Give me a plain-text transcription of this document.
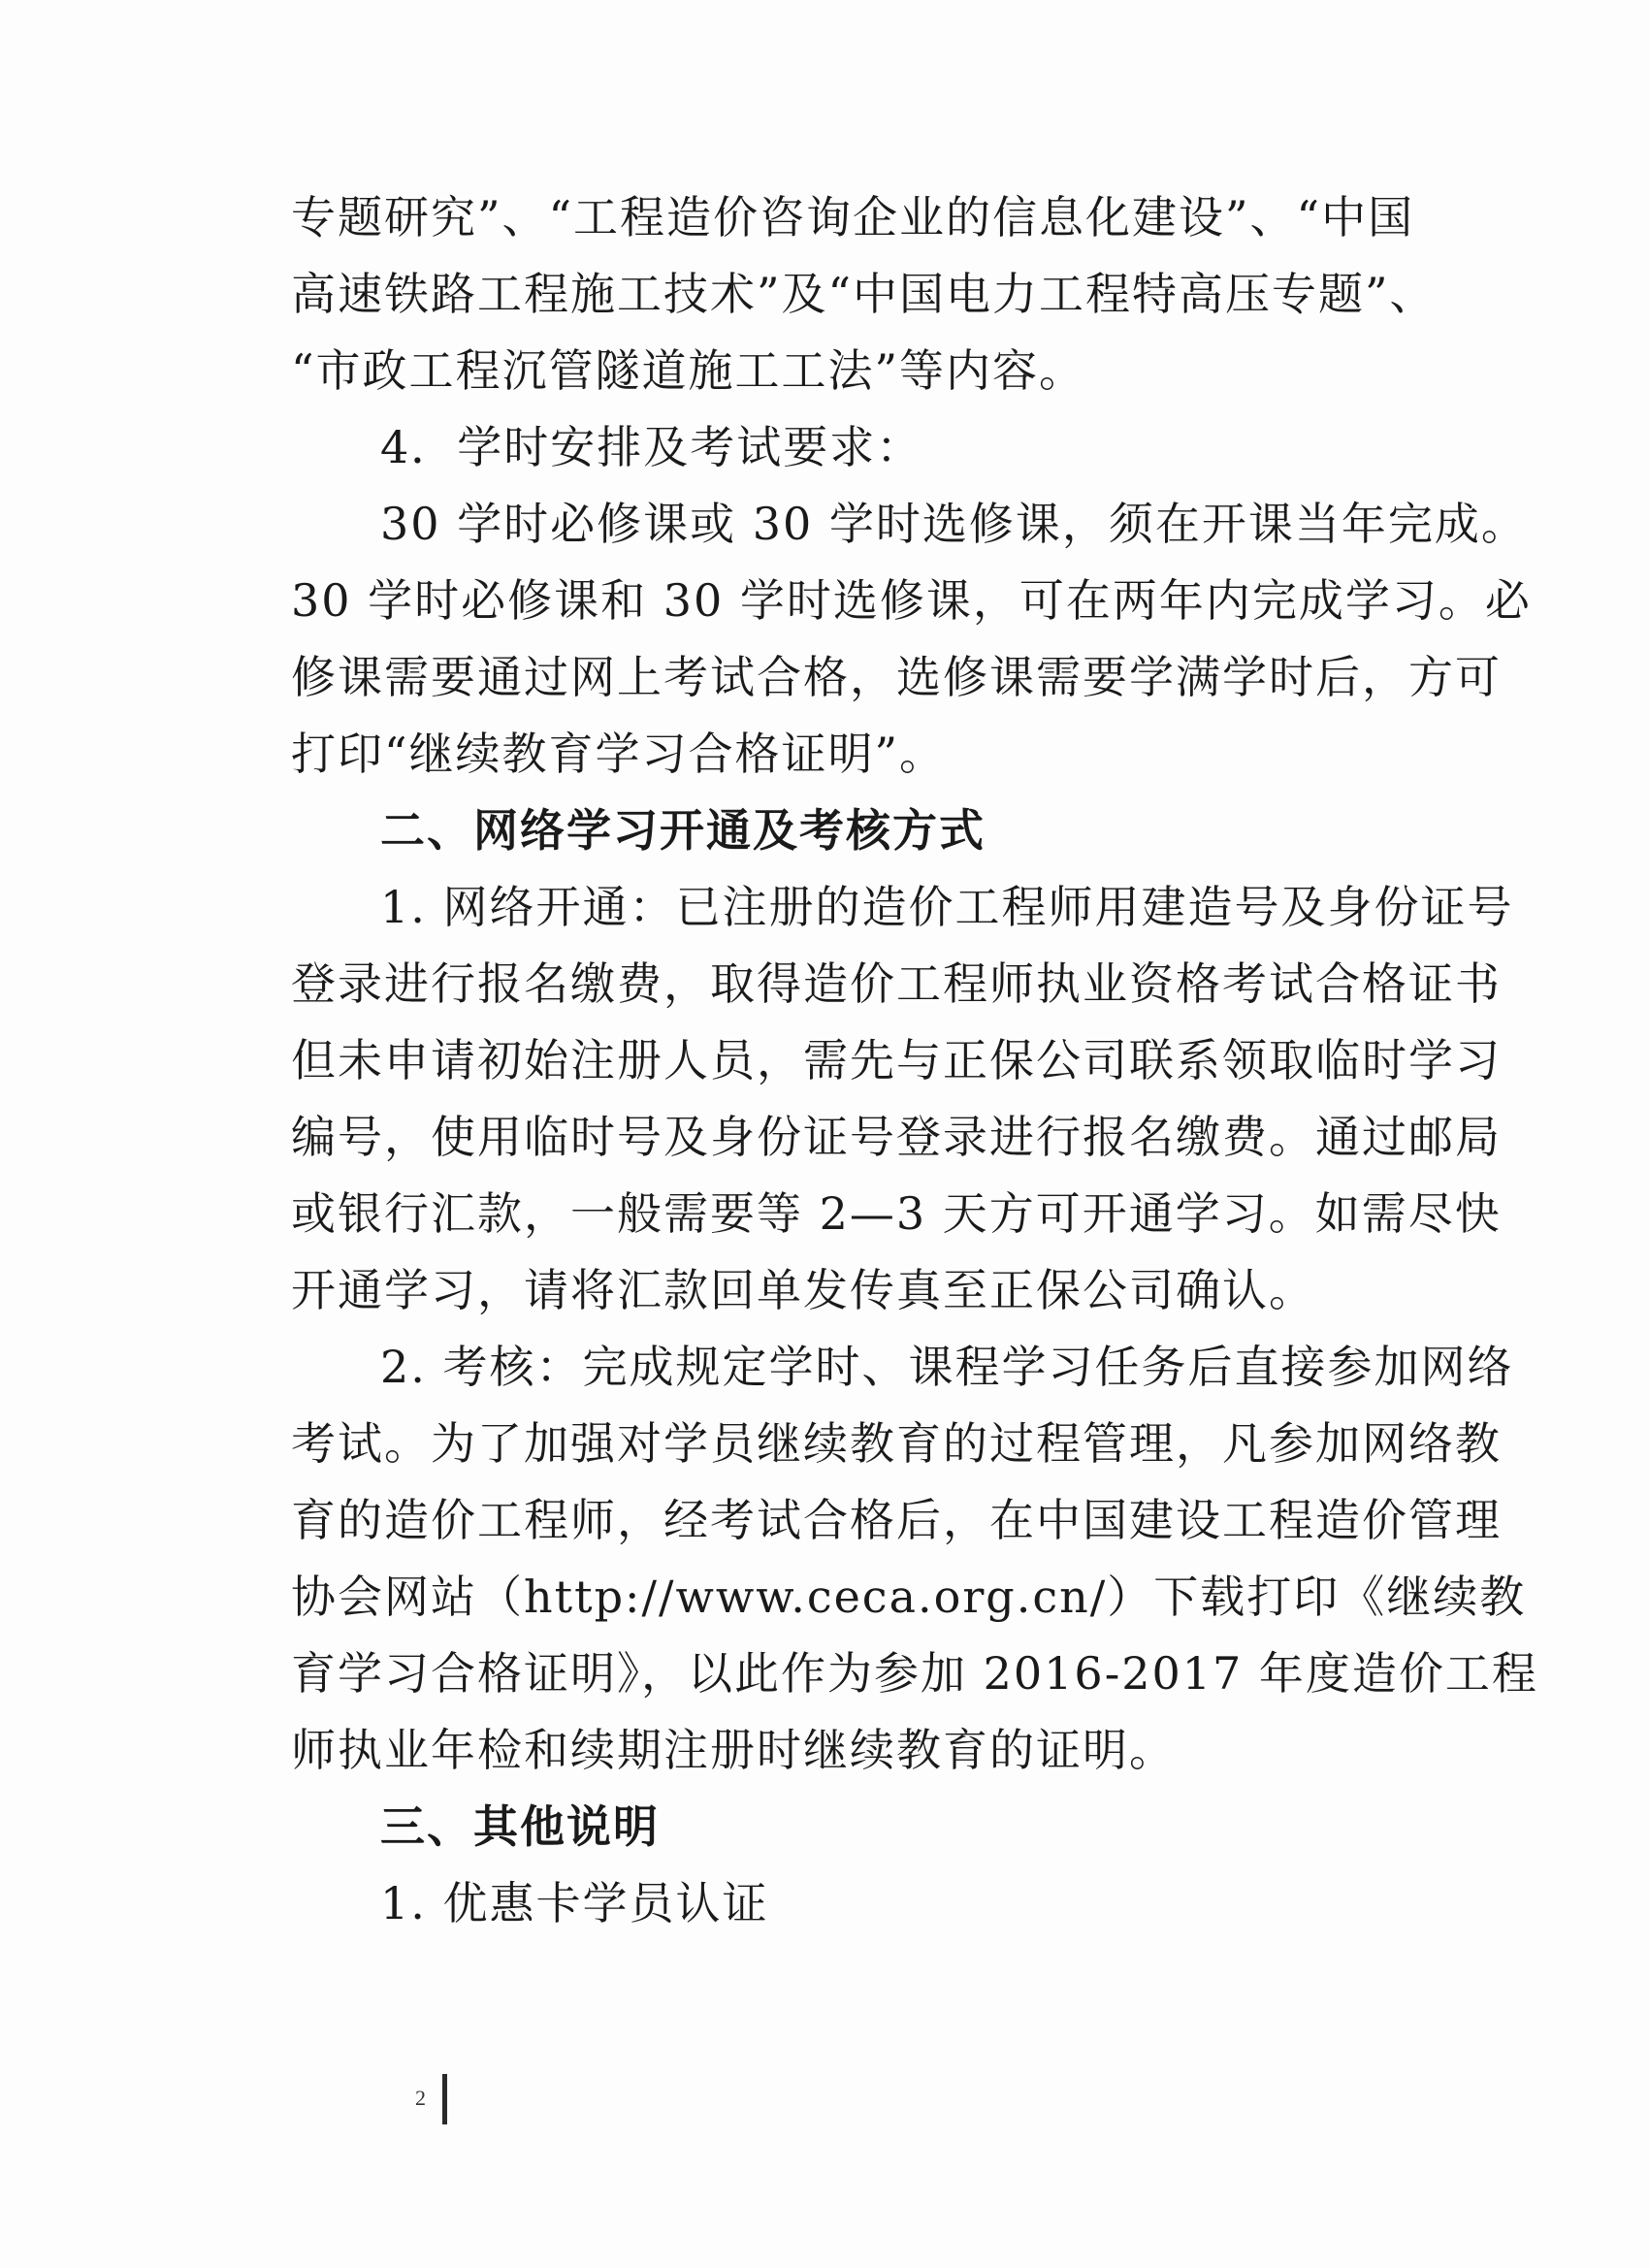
专题研究”、“工程造价咨询企业的信息化建设”、“中国
高速铁路工程施工技术”及“中国电力工程特高压专题”、
“市政工程沉管隧道施工工法”等内容。
4．学时安排及考试要求：
30 学时必修课或 30 学时选修课，须在开课当年完成。
30 学时必修课和 30 学时选修课，可在两年内完成学习。必
修课需要通过网上考试合格，选修课需要学满学时后，方可
打印“继续教育学习合格证明”。
二、网络学习开通及考核方式
1. 网络开通：已注册的造价工程师用建造号及身份证号
登录进行报名缴费，取得造价工程师执业资格考试合格证书
但未申请初始注册人员，需先与正保公司联系领取临时学习
编号，使用临时号及身份证号登录进行报名缴费。通过邮局
或银行汇款，一般需要等 2—3 天方可开通学习。如需尽快
开通学习，请将汇款回单发传真至正保公司确认。
2. 考核：完成规定学时、课程学习任务后直接参加网络
考试。为了加强对学员继续教育的过程管理，凡参加网络教
育的造价工程师，经考试合格后，在中国建设工程造价管理
协会网站（http://www.ceca.org.cn/）下载打印《继续教
育学习合格证明》，以此作为参加 2016-2017 年度造价工程
师执业年检和续期注册时继续教育的证明。
三、其他说明
1. 优惠卡学员认证
2
